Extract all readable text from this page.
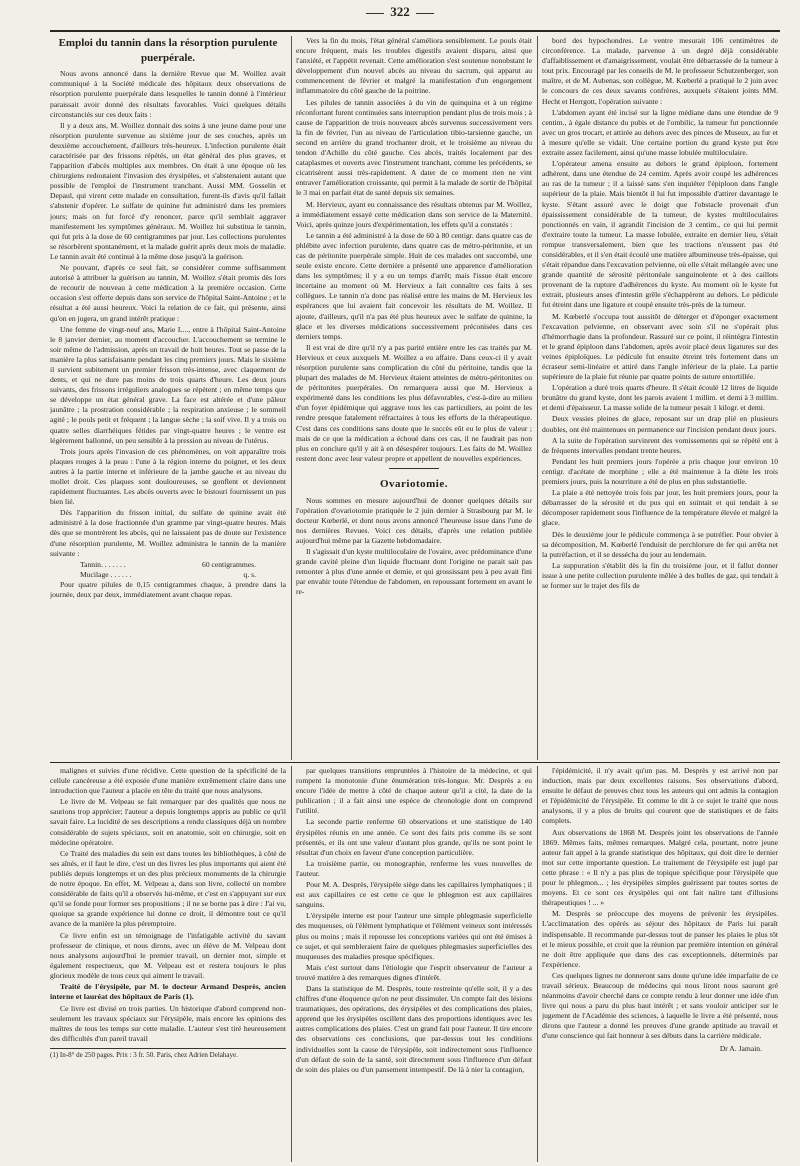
322
Emploi du tannin dans la résorption purulente
puerpérale.

Nous avons annoncé dans la dernière Revue que M. Woillez avait communiqué à la Société médicale des hôpitaux deux observations de résorption purulente puerpérale dans lesquelles le tannin donné à l'intérieur paraissait avoir donné des résultats favorables. Voici quelques détails circonstanciés sur ces deux faits :

Il y a deux ans, M. Woillez donnait des soins à une jeune dame pour une résorption purulente survenue au sixième jour de ses couches, après un deuxième accouchement, d'ailleurs très-heureux. L'infection purulente était caractérisée par des frissons répétés, un état général des plus graves, et l'apparition d'abcès multiples aux membres. On était à une époque où les chirurgiens redoutaient l'invasion des érysipèles, et s'abstenaient autant que possible de l'emploi de l'instrument tranchant. Aussi MM. Gosselin et Depaul, qui virent cette malade en consultation, furent-ils d'avis qu'il fallait s'abstenir d'opérer. Le sulfate de quinine fut administré dans les premiers jours; mais on fut forcé d'y renoncer, parce qu'il semblait aggraver manifestement les symptômes généraux. M. Woillez lui substitua le tannin, qui fut pris à la dose de 60 centigrammes par jour. Les collections purulentes se résorbèrent spontanément, et la malade guérit après deux mois de maladie. Le tannin avait été continué à la même dose jusqu'à la guérison.

Ne pouvant, d'après ce seul fait, se considérer comme suffisamment autorisé à attribuer la guérison au tannin, M. Woillez s'était promis dès lors de recourir de nouveau à cette médication à la première occasion. Cette occasion s'est offerte depuis dans son service de l'hôpital Saint-Antoine ; et le résultat a été aussi heureux. Voici la relation de ce fait, qui présente, ainsi qu'on en jugera, un grand intérêt pratique :

Une femme de vingt-neuf ans, Marie L..., entre à l'hôpital Saint-Antoine le 8 janvier dernier, au moment d'accoucher. L'accouchement se termine le soir même de l'admission, après un travail de huit heures. Tout se passe de la manière la plus satisfaisante pendant les cinq premiers jours. Mais le sixième il survient subitement un premier frisson très-intense, avec claquement de dents, et qui ne dure pas moins de trois quarts d'heure. Les deux jours suivants, des frissons irréguliers analogues se répètent ; en même temps que se développe un état général grave. La face est altérée et d'une pâleur jaunâtre ; la prostration considérable ; la respiration anxieuse ; le sommeil agité ; le pouls petit et fréquent ; la langue sèche ; la soif vive. Il y a trois ou quatre selles diarrhéiques fétides par vingt-quatre heures ; le ventre est légèrement ballonné, un peu sensible à la pression au niveau de l'utérus.

Trois jours après l'invasion de ces phénomènes, on voit apparaître trois plaques rouges à la peau : l'une à la région interne du poignet, et les deux autres à la partie interne et inférieure de la jambe gauche et au niveau du mollet droit. Ces plaques sont douloureuses, se gonflent et deviennent rapidement fluctuantes. Les abcès ouverts avec le bistouri fournissent un pus bien lié.

Dès l'apparition du frisson initial, du sulfate de quinine avait été administré à la dose fractionnée d'un gramme par vingt-quatre heures. Mais dès que se montrèrent les abcès, qui ne laissaient pas de doute sur l'existence d'une résorption purulente, M. Woillez administra le tannin de la manière suivante :

Tannin. . . . . . .	60 centigrammes.
Mucilage . . . . . .	q. s.

Pour quatre pilules de 0,15 centigrammes chaque, à prendre dans la journée, deux par deux, immédiatement avant chaque repas.

Vers la fin du mois, l'état général s'améliora sensiblement. Le pouls était encore fréquent, mais les troubles digestifs avaient disparu, ainsi que l'anxiété, et l'appétit revenait. Cette amélioration s'est soutenue nonobstant le développement d'un nouvel abcès au niveau du sacrum, qui apparut au commencement de février et malgré la manifestation d'un engorgement inflammatoire du côté gauche de la poitrine.

Les pilules de tannin associées à du vin de quinquina et à un régime réconfortant furent continuées sans interruption pendant plus de trois mois ; à cause de l'apparition de trois nouveaux abcès survenus successivement vers la fin de février, l'un au niveau de l'articulation tibio-tarsienne gauche, un second en arrière du grand trochanter droit, et le troisième au niveau du tendon d'Achille du côté gauche. Ces abcès, traités localement par des cataplasmes et ouverts avec l'instrument tranchant, comme les précédents, se cicatrisèrent aussi très-rapidement. A dater de ce moment rien ne vint entraver l'amélioration croissante, qui permit à la malade de sortir de l'hôpital le 3 mai en parfait état de santé depuis six semaines.

M. Hervieux, ayant eu connaissance des résultats obtenus par M. Woillez, a immédiatement essayé cette médication dans son service de la Maternité. Voici, après quinze jours d'expérimentation, les effets qu'il a constatés :

Le tannin a été administré à la dose de 60 à 80 centigr. dans quatre cas de phlébite avec infection purulente, dans quatre cas de métro-péritonite, et un cas de péritonite puerpérale simple. Huit de ces malades ont succombé, une seule existe encore. Cette dernière a présenté une apparence d'amélioration dans les symptômes; il y a eu un temps d'arrêt; mais l'issue était encore incertaine au moment où M. Hervieux a fait connaître ces faits à ses collègues. Le tannin n'a donc pas réalisé entre les mains de M. Hervieux les espérances que lui avaient fait concevoir les résultats de M. Woillez. Il ajoute, d'ailleurs, qu'il n'a pas été plus heureux avec le sulfate de quinine, la glace et les diverses médications successivement préconisées dans ces derniers temps.

Il est vrai de dire qu'il n'y a pas parité entière entre les cas traités par M. Hervieux et ceux auxquels M. Woillez a eu affaire. Dans ceux-ci il y avait résorption purulente sans complication du côté du péritoine, tandis que la plupart des malades de M. Hervieux étaient atteintes de métro-péritonites ou de péritonites puerpérales. On remarquera aussi que M. Hervieux a expérimenté dans les conditions les plus défavorables, c'est-à-dire au milieu d'un foyer épidémique qui aggrave tous les cas particuliers, au point de les rendre presque fatalement réfractaires à tous les efforts de la thérapeutique. C'est dans ces conditions sans doute que le succès eût eu le plus de valeur ; mais de ce que la médication a échoué dans ces cas, il ne faudrait pas non plus en conclure qu'il y ait à en désespérer toujours. Les faits de M. Woillez restent donc avec leur valeur propre et appellent de nouvelles expériences.

Ovariotomie.

Nous sommes en mesure aujourd'hui de donner quelques détails sur l'opération d'ovariotomie pratiquée le 2 juin dernier à Strasbourg par M. le docteur Kœberlé, et dont nous avons annoncé l'heureuse issue dans l'une de nos dernières Revues. Voici ces détails, d'après une relation publiée aujourd'hui même par la Gazette hebdomadaire.

Il s'agissait d'un kyste multiloculaire de l'ovaire, avec prédominance d'une grande cavité pleine d'un liquide fluctuant dont l'origine ne parait sait pas remonter à plus d'une année et demie, et qui grossissant peu à peu avait fini par envahir toute l'étendue de l'abdomen, en repoussant fortement en avant le re-

bord des hypochondres. Le ventre mesurait 106 centimètres de circonférence. La malade, parvenue à un degré déjà considérable d'affaiblissement et d'amaigrissement, voulait être débarrassée de la tumeur à tout prix. Encouragé par les conseils de M. le professeur Schutzenberger, son maître, et de M. Aubenas, son collègue, M. Kœberlé a pratiqué le 2 juin avec le concours de ces deux savants confrères, auxquels s'étaient joints MM. Hecht et Herrgott, l'opération suivante :

L'abdomen ayant été incisé sur la ligne médiane dans une étendue de 9 centim., à égale distance du pubis et de l'ombilic, la tumeur fut ponctionnée avec un gros trocart, et attirée au dehors avec des pinces de Museux, au fur et à mesure qu'elle se vidait. Une certaine portion du grand kyste put être extraite assez facilement, ainsi qu'une masse lobulée multiloculaire.

L'opérateur amena ensuite au dehors le grand épiploon, fortement adhérent, dans une étendue de 24 centim. Après avoir coupé les adhérences au ras de la tumeur ; il a laissé sans s'en inquiéter l'épiploon dans l'angle supérieur de la plaie. Mais bientôt il lui fut impossible d'attirer davantage le kyste. S'étant assuré avec le doigt que l'obstacle provenait d'un épaississement considérable de la tumeur, de kystes multiloculaires ponctionnés en vain, il agrandit l'incision de 3 centim., ce qui lui permit d'extraire toute la tumeur. La masse lobulée, extraite en dernier lieu, s'était rompue transversalement, bien que les tractions n'eussent pas été considérables, et il s'en était écoulé une matière albumineuse très-épaisse, qui s'était répandue dans l'excavation pelvienne, où elle s'était mélangée avec une grande quantité de sérosité péritonéale sanguinolente et à des caillots provenant de la rupture d'adhérences du kyste. Au moment où le kyste fut extrait, plusieurs anses d'intestin grêle s'échappèrent au dehors. Le pédicule fut étreint dans une ligature et coupé ensuite très-près de la tumeur.

M. Kœberlé s'occupa tout aussitôt de déterger et d'éponger exactement l'excavation pelvienne, en observant avec soin s'il ne s'opérait plus d'hémorrhagie dans la profondeur. Rassuré sur ce point, il réintégra l'intestin et le grand épiploon dans l'abdomen, après avoir placé deux ligatures sur des veines épiploïques. Le pédicule fut ensuite étreint très fortement dans un écraseur semi-linéaire et attiré dans l'angle inférieur de la plaie. La partie supérieure de la plaie fut réunie par quatre points de suture entortillée.

L'opération a duré trois quarts d'heure. Il s'était écoulé 12 litres de liquide brunâtre du grand kyste, dont les parois avaient 1 millim. et demi à 3 millim. et demi d'épaisseur. La masse solide de la tumeur pesait 1 kilogr. et demi.

Deux vessies pleines de glace, reposant sur un drap plié en plusieurs doubles, ont été maintenues en permanence sur l'incision pendant deux jours.

A la suite de l'opération survinrent des vomissements qui se répété ent à de fréquents intervalles pendant trente heures.

Pendant les huit premiers jours l'opérée a pris chaque jour environ 10 centigr. d'acétate de morphine ; elle a été maintenue à la diète les trois premiers jours, puis la nourriture a été de plus en plus substantielle.

La plaie a été nettoyée trois fois par jour, les huit premiers jours, pour la débarrasser de la sérosité et du pus qui en suintait et qui tendait à se décomposer rapidement sous l'influence de la température élevée et malgré la glace.

Dès le deuxième jour le pédicule commença à se putréfier. Pour obvier à sa décomposition, M. Kœberlé l'enduisit de perchlorure de fer qui arrêta net la putréfaction, et il se dessécha du jour au lendemain.

La suppuration s'établit dès la fin du troisième jour, et il fallut donner issue à une petite collection purulente mêlée à des bulles de gaz, qui tendait à se former sur le trajet des fils de

malignes et suivies d'une récidive. Cette question de la spécificité de la cellule cancéreuse a été exposée d'une manière extrêmement claire dans une introduction que l'auteur a placée en tête du traité que nous analysons.

Le livre de M. Velpeau se fait remarquer par des qualités que nous ne saurions trop apprécier; l'auteur a depuis longtemps appris au public ce qu'il savait faire. La lucidité de ses descriptions a rendu classiques déjà un nombre considérable de sujets spéciaux, soit en anatomie, soit en chirurgie, soit en médecine opératoire.

Ce Traité des maladies du sein est dans toutes les bibliothèques, à côté de ses aînés, et il faut le dire, c'est un des livres les plus importants qui aient été publiés depuis longtemps et un des plus précieux monuments de la chirurgie de notre époque. En effet, M. Velpeau a, dans son livre, collecté un nombre considérable de faits qu'il a observés lui-même, et c'est en s'appuyant sur eux qu'il se fonde pour former ses propositions ; il ne se borne pas à dire : J'ai vu, quoique sa grande expérience lui donne ce droit, il démontre tout ce qu'il avance de la manière la plus péremptoire.

Ce livre enfin est un témoignage de l'infatigable activité du savant professeur de clinique, et nous dirons, avec un élève de M. Velpeau dont nous analysons aujourd'hui le premier travail, un dernier mot, simple et également respectueux, que M. Velpeau est et restera toujours le plus glorieux modèle de tous ceux qui aiment le travail.

Traité de l'érysipèle, par M. le docteur Armand Desprès, ancien interne et lauréat des hôpitaux de Paris (1).

Ce livre est divisé en trois parties. Un historique d'abord comprend non-seulement les travaux spéciaux sur l'érysipèle, mais encore les opinions des maîtres de tous les temps sur cette maladie. L'auteur s'est tiré heureusement des difficultés d'un pareil travail

(1) In-8° de 250 pages. Prix : 3 fr. 50. Paris, chez Adrien Delahaye.

par quelques transitions empruntées à l'histoire de la médecine, et qui rompent la monotonie d'une énumération très-longue. Mr. Desprès a eu encore l'idée de mettre à côté de chaque auteur qu'il a cité, la date de la publication ; il a fait ainsi une espèce de chronologie dont on comprend l'utilité.

La seconde partie renferme 60 observations et une statistique de 140 érysipèles réunis en une année. Ce sont des faits pris comme ils se sont présentés, et ils ont une valeur d'autant plus grande, qu'ils ne sont point le résultat d'un choix en faveur d'une conception particulière.

La troisième partie, ou monographie, renferme les vues nouvelles de l'auteur.

Pour M. A. Desprès, l'érysipèle siège dans les capillaires lymphatiques ; il est aux capillaires ce est cette ce que le phlegmon est aux capillaires sanguins.

L'érysipèle interne est pour l'auteur une simple phlegmasie superficielle des muqueuses, où l'élément lymphatique et l'élément veineux sont intéressés plus ou moins ; mais il repousse les conceptions variées qui ont été émises à ce sujet, et qui sembleraient faire de quelques phlegmasies superficielles des muqueuses des maladies presque spécifiques.

Mais c'est surtout dans l'étiologie que l'esprit observateur de l'auteur a trouvé matière à des remarques dignes d'intérêt.

Dans la statistique de M. Desprès, toute restreinte qu'elle soit, il y a des chiffres d'une éloquence qu'on ne peut dissimuler. Un compte fait des lésions traumatiques, des opérations, des érysipèles et des complications des plaies, apprend que les érysipèles oscillent dans des proportions identiques avec les autres complications des plaies. C'est un grand fait pour l'auteur. Il tire encore des observations ces conclusions, que par-dessus tout les conditions individuelles sont la cause de l'érysipèle, soit indirectement sous l'influence d'un défaut de soin de la santé, soit directement sous l'influence d'un défaut de soin des plaies ou d'un pansement intempestif. De là à nier la contagion,

l'épidémicité, il n'y avait qu'un pas. M. Desprès y est arrivé non par induction, mais par deux excellentes raisons. Ses observations d'abord, ensuite le défaut de preuves chez tous les auteurs qui ont admis la contagion et l'épidémicité de l'érysipèle. Et comme le dit à ce sujet le traité que nous analysons, il y a plus de bruits qui courent que de statistiques et de faits complets.

Aux observations de 1868 M. Desprès joint les observations de l'année 1869. Mêmes faits, mêmes remarques. Malgré cela, pourtant, notre jeune auteur fait appel à la grande statistique des hôpitaux, qui doit dire le dernier mot sur cette importante question. Le traitement de l'érysipèle est jugé par cette phrase : « Il n'y a pas plus de topique spécifique pour l'érysipèle que pour le phlegmon... ; les érysipèles simples guérissent par toutes sortes de moyens. Et ce sont ces érysipèles qui ont fait naître tant d'illusions thérapeutiques ! ... »

M. Desprès se préoccupe des moyens de prévenir les érysipèles. L'acclimatation des opérés au séjour des hôpitaux de Paris lui paraît indispensable. Il recommande par-dessus tout de panser les plaies le plus tôt et le mieux possible, et croit que la réunion par première intention en général ne doit être appliquée que dans des cas exceptionnels, déterminés par l'expérience.

Ces quelques lignes ne donneront sans doute qu'une idée imparfaite de ce travail sérieux. Beaucoup de médecins qui nous liront nous sauront gré néanmoins d'avoir cherché dans ce compte rendu à leur donner une idée d'un livre qui nous a paru du plus haut intérêt ; et sans vouloir anticiper sur le jugement de l'Académie des sciences, à laquelle le livre a été présenté, nous dirons que l'auteur a donné les preuves d'une grande aptitude au travail et d'une conscience qui fait honneur à ses débuts dans la carrière médicale.

Dr A. Jamain.
